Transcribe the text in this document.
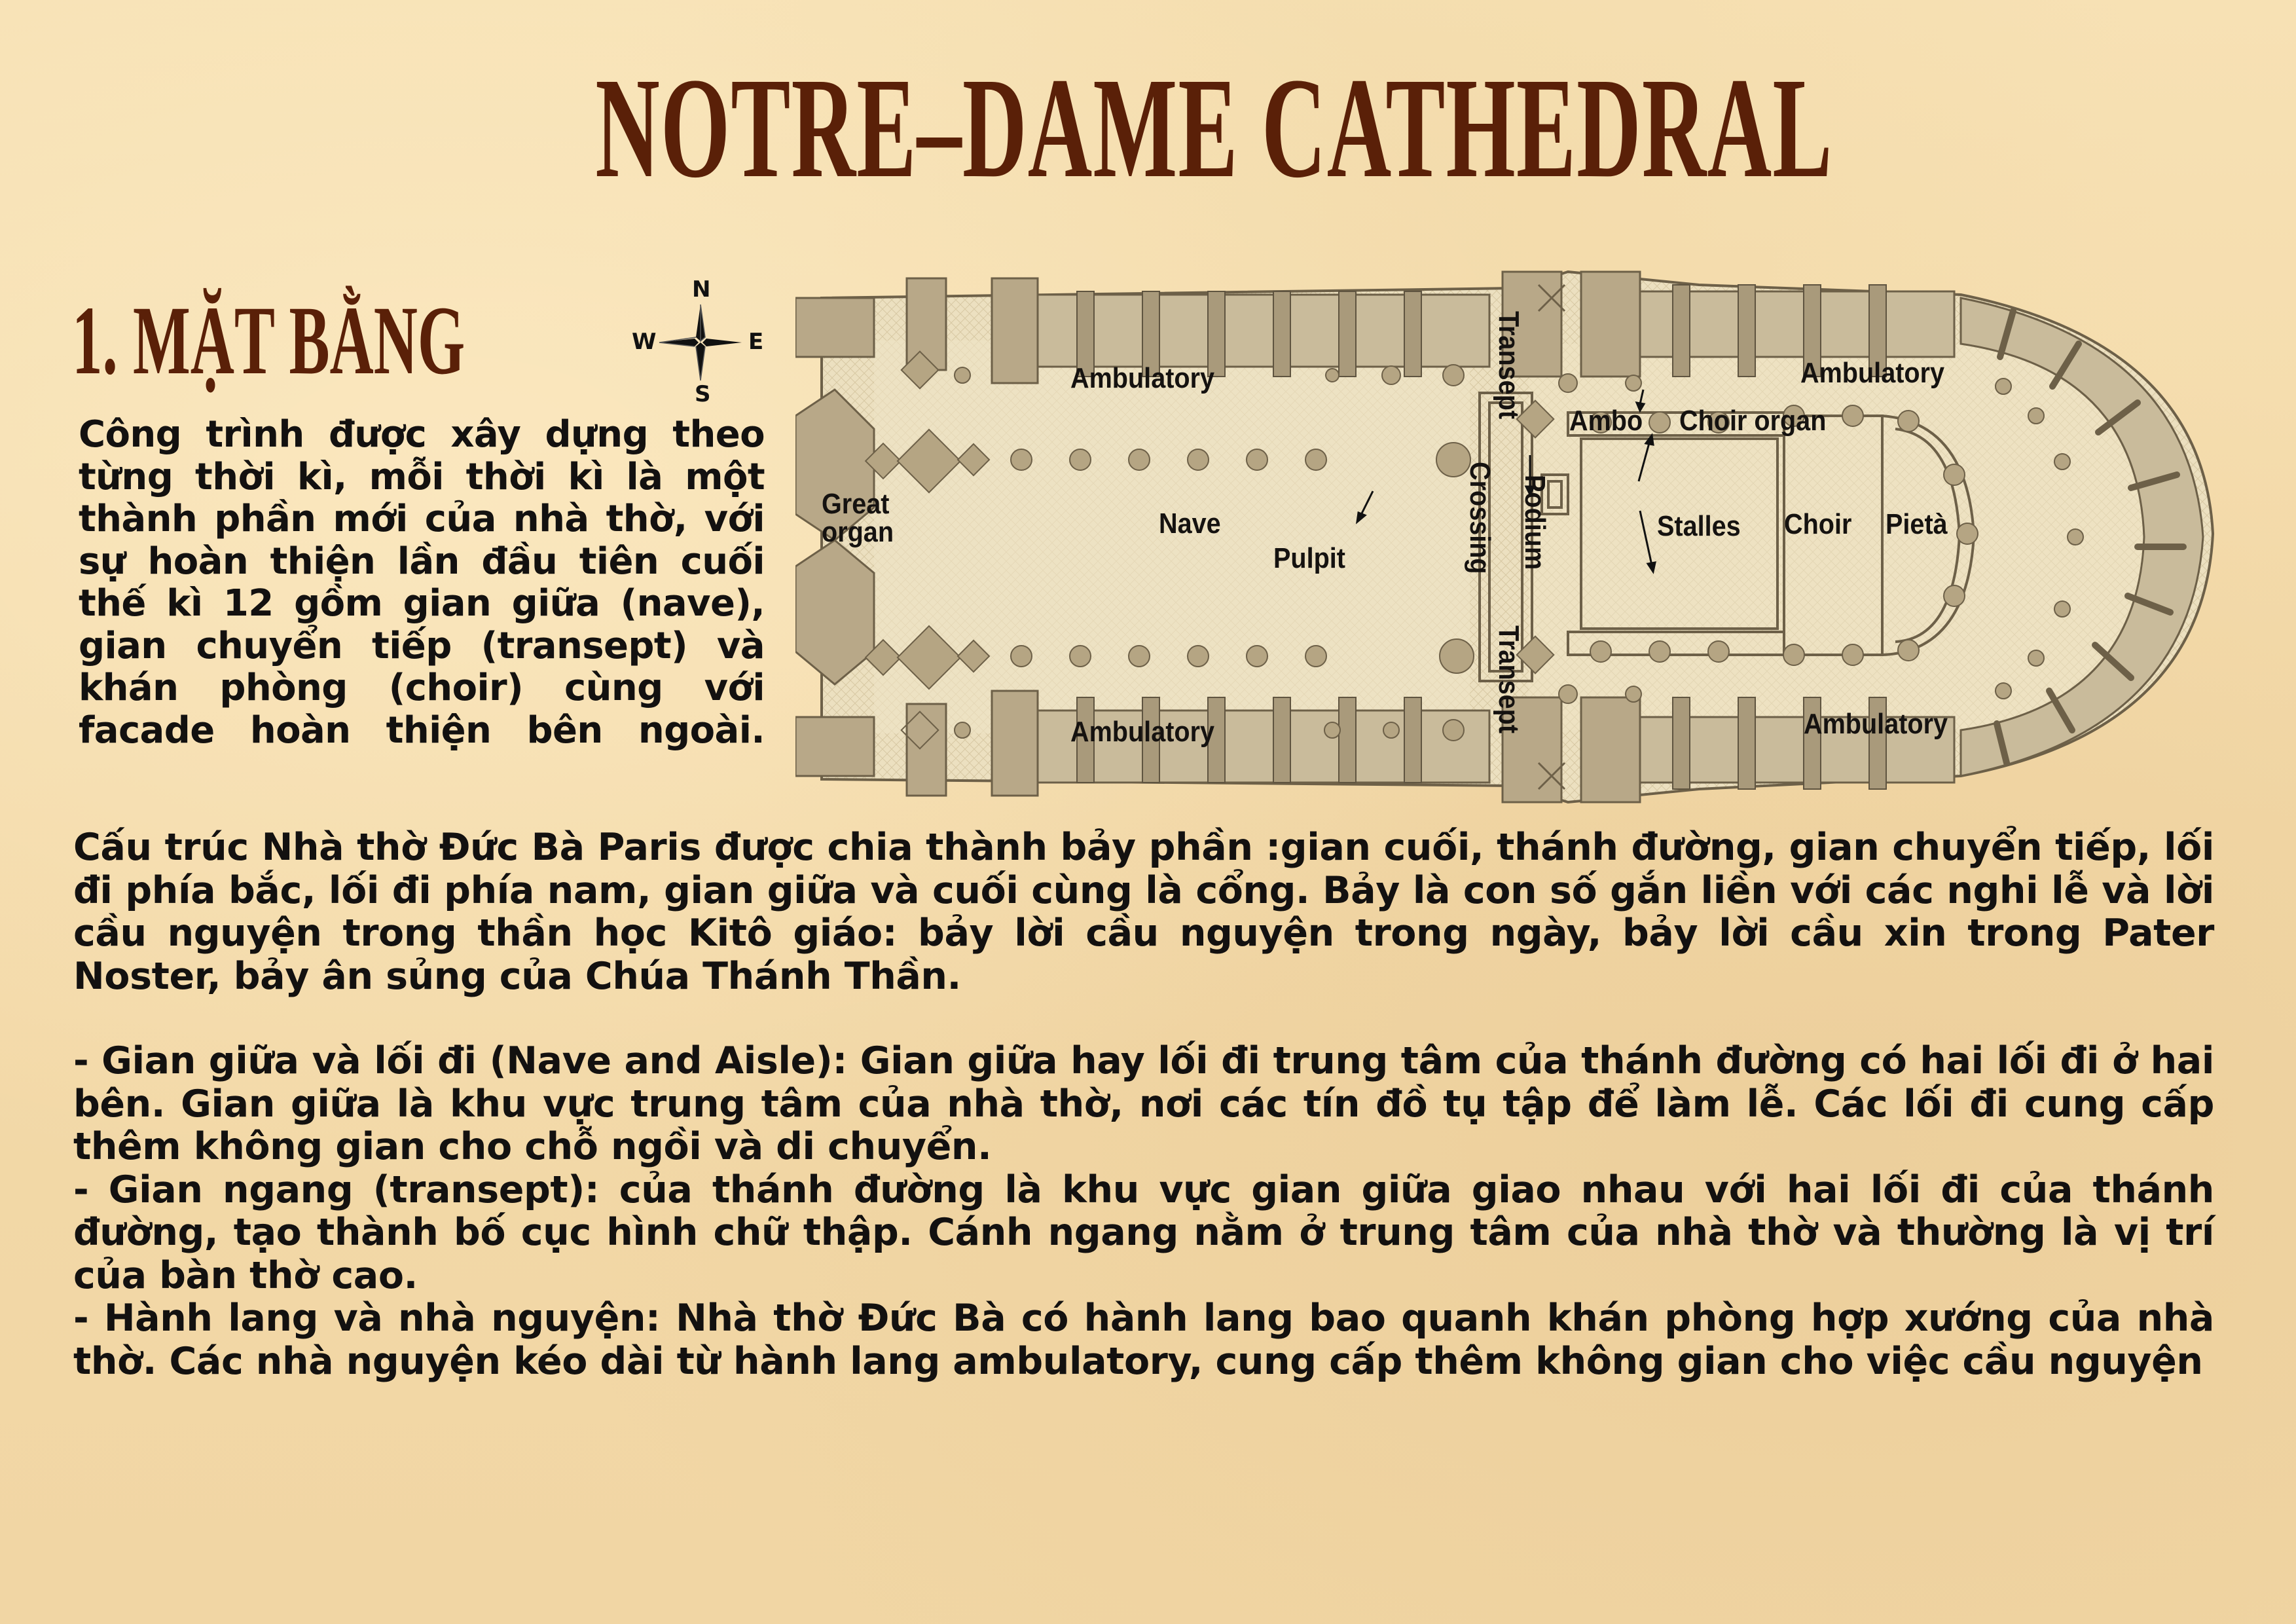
NOTRE–DAME CATHEDRAL
1. MẶT BẰNG	N
S
W	E
Công trình được xây dựng theo từng thời kì, mỗi thời kì là một thành phần mới của nhà thờ, với sự hoàn thiện lần đầu tiên cuối thế kì 12 gồm gian giữa (nave), gian chuyển tiếp (transept) và khán phòng (choir) cùng với facade hoàn thiện bên ngoài.
Ambulatory
Ambulatory
Ambulatory
Ambulatory
Nave
Pulpit
Great
organ
Transept
Crossing
Transept
Podium
Ambo Choir organ
Stalles Choir Pietà
Cấu trúc Nhà thờ Đức Bà Paris được chia thành bảy phần :gian cuối, thánh đường, gian chuyển tiếp, lối đi phía bắc, lối đi phía nam, gian giữa và cuối cùng là cổng. Bảy là con số gắn liền với các nghi lễ và lời cầu nguyện trong thần học Kitô giáo: bảy lời cầu nguyện trong ngày, bảy lời cầu xin trong Pater Noster, bảy ân sủng của Chúa Thánh Thần.

- Gian giữa và lối đi (Nave and Aisle): Gian giữa hay lối đi trung tâm của thánh đường có hai lối đi ở hai bên. Gian giữa là khu vực trung tâm của nhà thờ, nơi các tín đồ tụ tập để làm lễ. Các lối đi cung cấp thêm không gian cho chỗ ngồi và di chuyển.

- Gian ngang (transept): của thánh đường là khu vực gian giữa giao nhau với hai lối đi của thánh đường, tạo thành bố cục hình chữ thập. Cánh ngang nằm ở trung tâm của nhà thờ và thường là vị trí của bàn thờ cao.

- Hành lang và nhà nguyện: Nhà thờ Đức Bà có hành lang bao quanh khán phòng hợp xướng của nhà thờ. Các nhà nguyện kéo dài từ hành lang ambulatory, cung cấp thêm không gian cho việc cầu nguyện
